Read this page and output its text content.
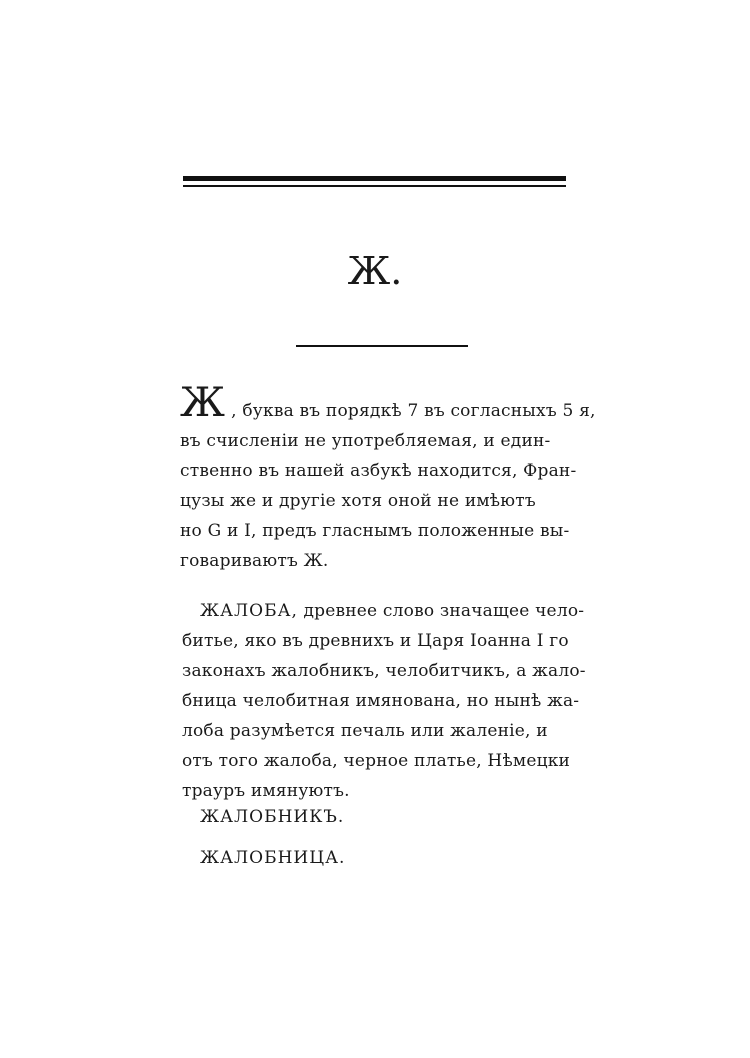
Ж.
Ж , буква въ порядкѣ 7 въ согласныхъ 5 я,
въ счисленіи не употребляемая, и един-
ственно въ нашей азбукѣ находится, Фран-
цузы же и другіе хотя оной не имѣютъ
но G и I, предъ гласнымъ положенные вы-
говариваютъ Ж.
ЖАЛОБА, древнее слово значащее чело-
битье, яко въ древнихъ и Царя Іоанна I го
законахъ жалобникъ, челобитчикъ, а жало-
бница челобитная имянована, но нынѣ жа-
лоба разумѣется печаль или жаленіе, и
отъ того жалоба, черное платье, Нѣмецки
трауръ имянуютъ.
ЖАЛОБНИКЪ.
ЖАЛОБНИЦА.
